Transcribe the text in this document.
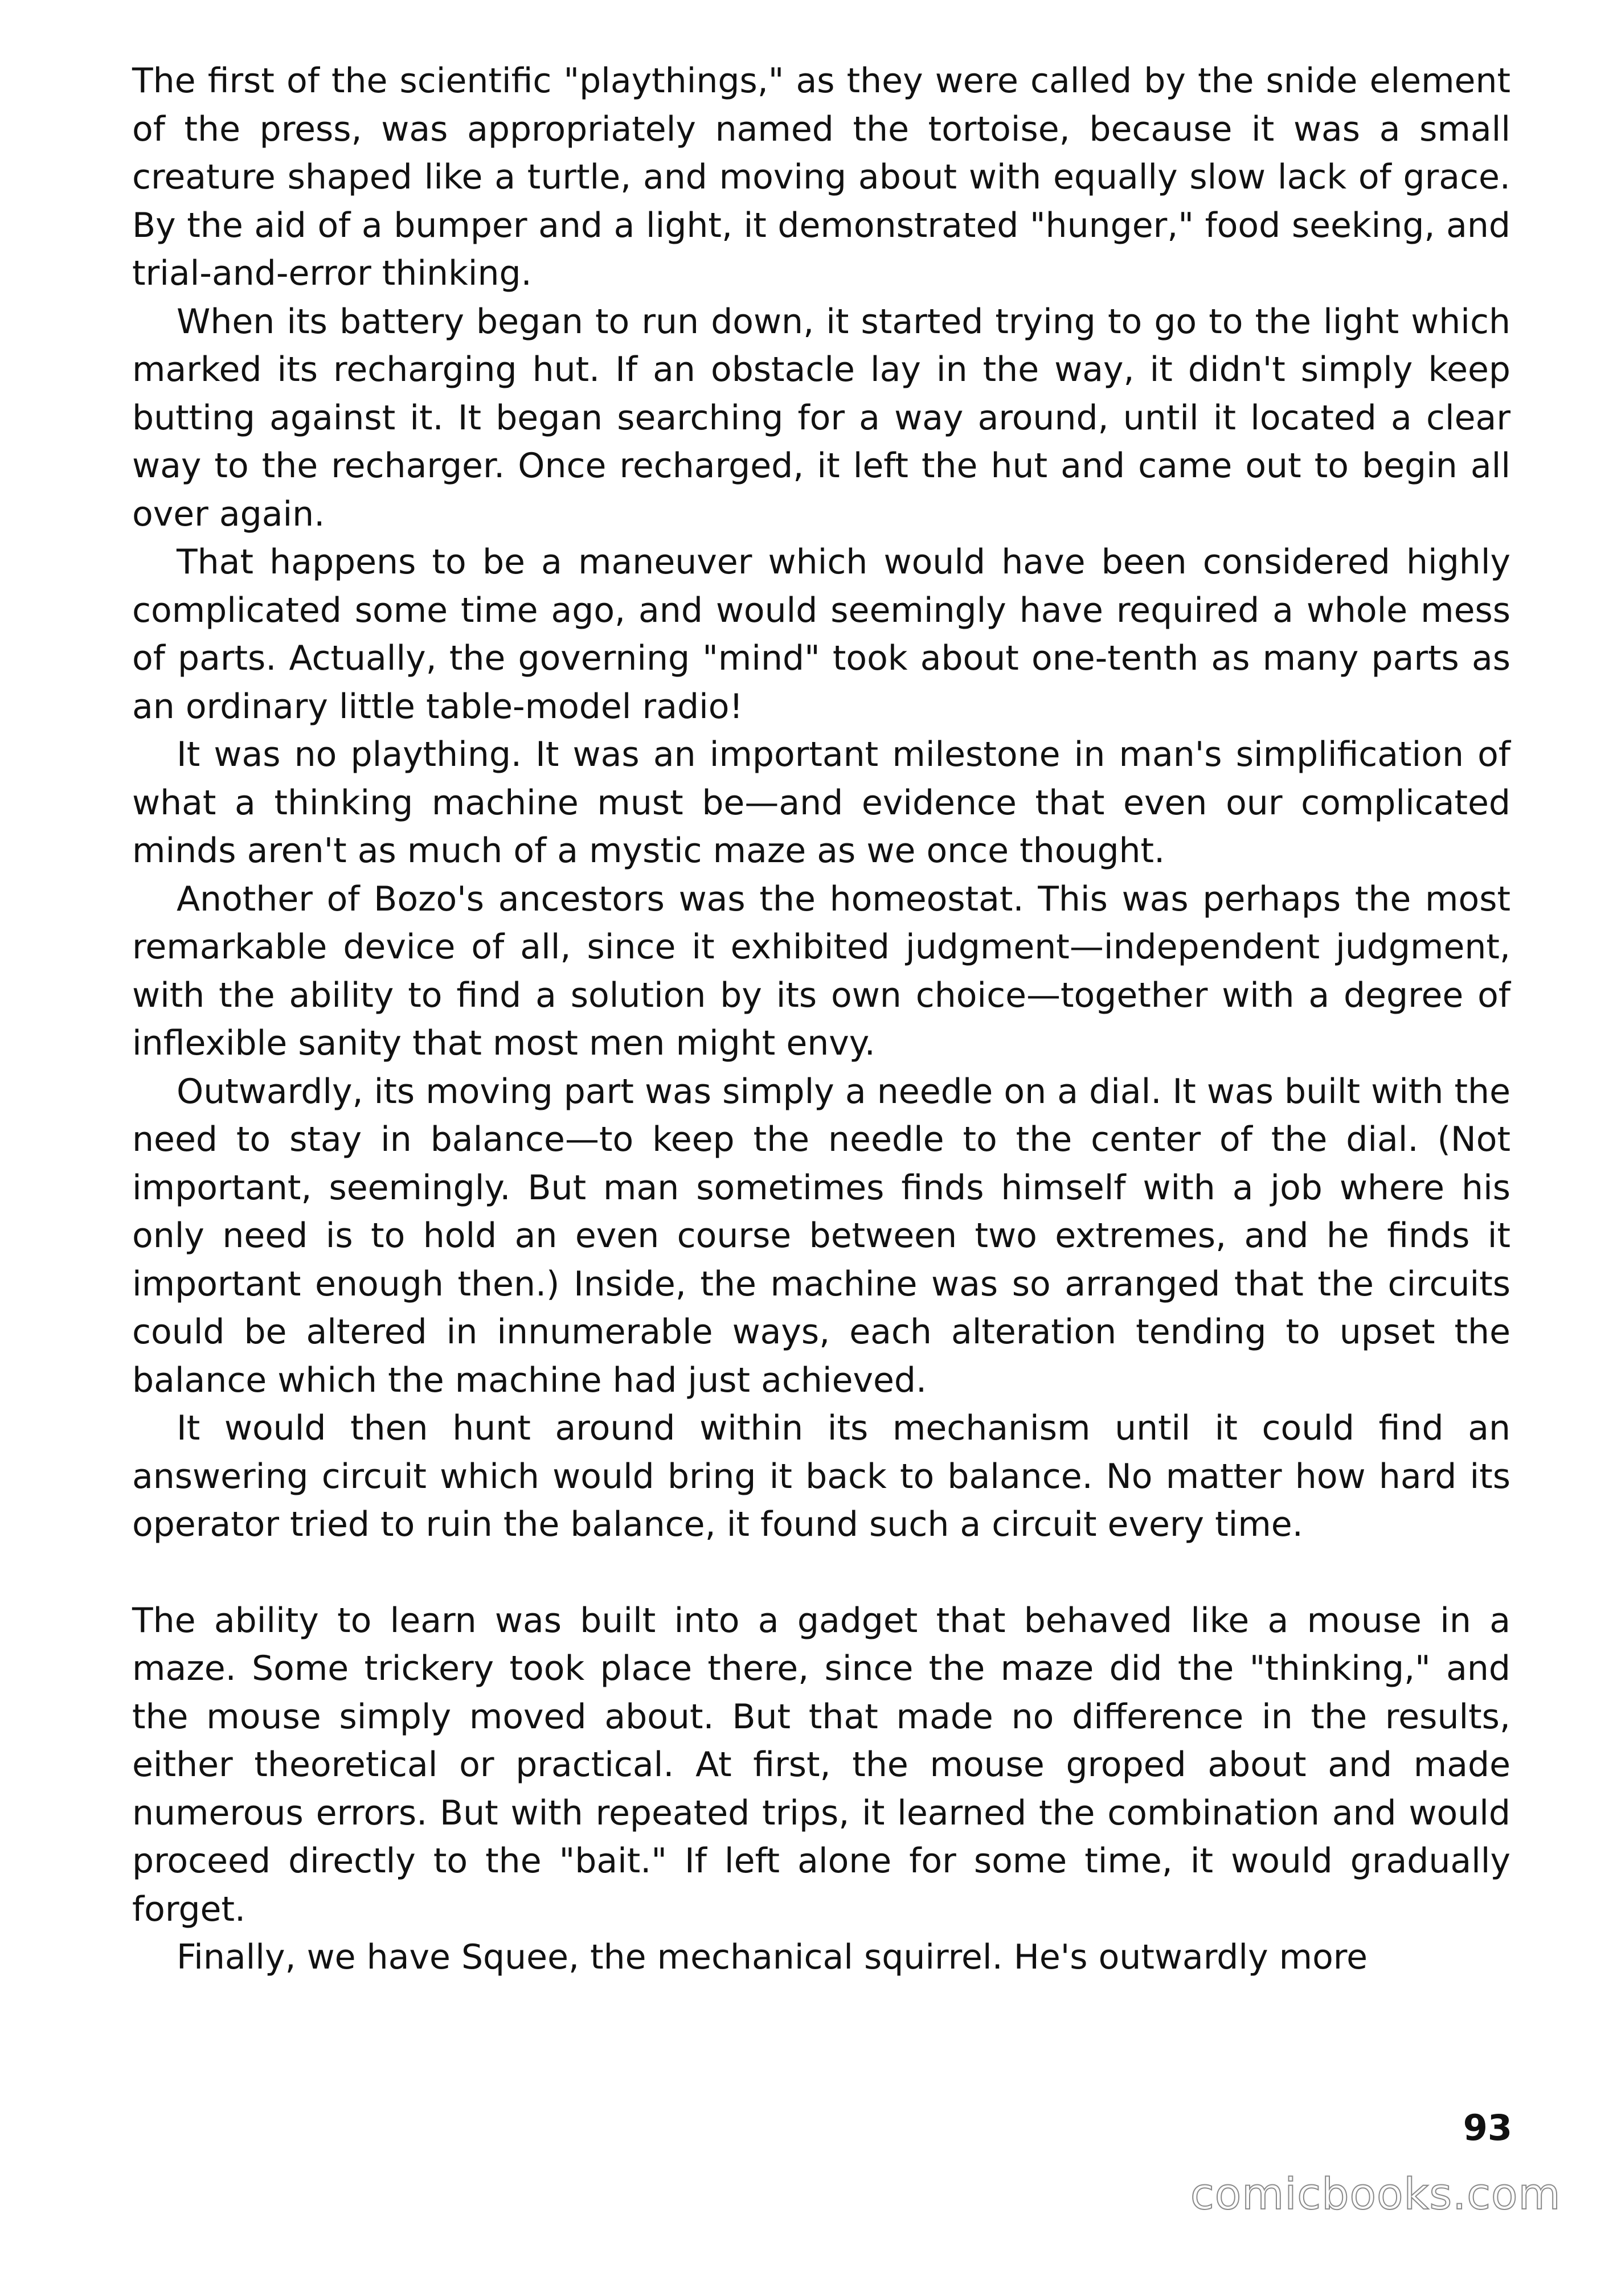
The first of the scientific "playthings," as they were called by the snide element of the press, was appropriately named the tortoise, because it was a small creature shaped like a turtle, and moving about with equally slow lack of grace. By the aid of a bumper and a light, it demonstrated "hunger," food seeking, and trial-and-error thinking.

When its battery began to run down, it started trying to go to the light which marked its recharging hut. If an obstacle lay in the way, it didn't simply keep butting against it. It began searching for a way around, until it located a clear way to the recharger. Once recharged, it left the hut and came out to begin all over again.

That happens to be a maneuver which would have been considered highly complicated some time ago, and would seemingly have required a whole mess of parts. Actually, the governing "mind" took about one-tenth as many parts as an ordinary little table-model radio!

It was no plaything. It was an important milestone in man's simplification of what a thinking machine must be—and evidence that even our complicated minds aren't as much of a mystic maze as we once thought.

Another of Bozo's ancestors was the homeostat. This was perhaps the most remarkable device of all, since it exhibited judgment—independent judgment, with the ability to find a solution by its own choice—together with a degree of inflexible sanity that most men might envy.

Outwardly, its moving part was simply a needle on a dial. It was built with the need to stay in balance—to keep the needle to the center of the dial. (Not important, seemingly. But man sometimes finds himself with a job where his only need is to hold an even course between two extremes, and he finds it important enough then.) Inside, the machine was so arranged that the circuits could be altered in innumerable ways, each alteration tending to upset the balance which the machine had just achieved.

It would then hunt around within its mechanism until it could find an answering circuit which would bring it back to balance. No matter how hard its operator tried to ruin the balance, it found such a circuit every time.

The ability to learn was built into a gadget that behaved like a mouse in a maze. Some trickery took place there, since the maze did the "thinking," and the mouse simply moved about. But that made no difference in the results, either theoretical or practical. At first, the mouse groped about and made numerous errors. But with repeated trips, it learned the combination and would proceed directly to the "bait." If left alone for some time, it would gradually forget.

Finally, we have Squee, the mechanical squirrel. He's outwardly more

93
comicbooks.com
